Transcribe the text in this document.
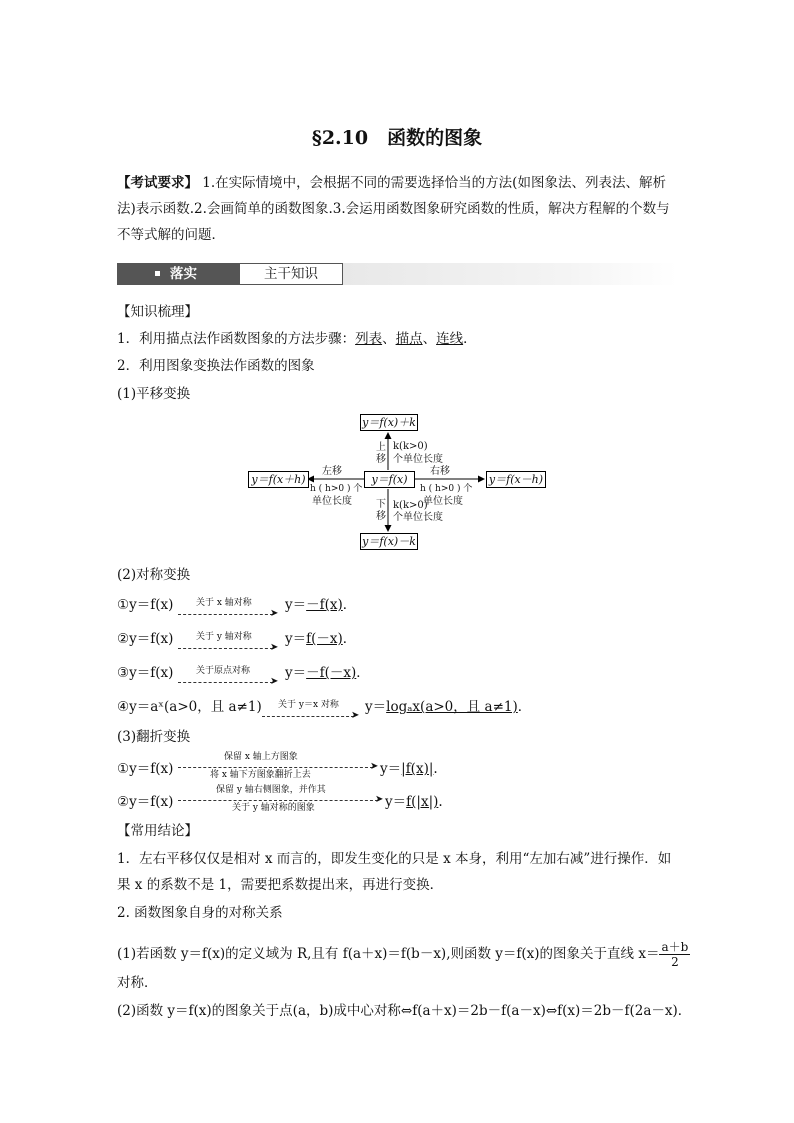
§2.10　函数的图象
【考试要求】 1.在实际情境中，会根据不同的需要选择恰当的方法(如图象法、列表法、解析法)表示函数.2.会画简单的函数图象.3.会运用函数图象研究函数的性质，解决方程解的个数与不等式解的问题．
落实	主干知识
【知识梳理】
1．利用描点法作函数图象的方法步骤：列表、描点、连线．
2．利用图象变换法作函数的图象
(1)平移变换
y＝f(x)＋k
y＝f(x)
y＝f(x＋h)	y＝f(x－h)
y＝f(x)－k
上
移
k(k>0)
个单位长度
下
移
k(k>0)
个单位长度
左移
h ( h>0 ) 个
单位长度
右移
h ( h>0 ) 个
单位长度
(2)对称变换
①y＝f(x)	关于 x 轴对称
➤
y＝－f(x)．
②y＝f(x)	关于 y 轴对称
➤
y＝f(－x)．
③y＝f(x)	关于原点对称
➤
y＝－f(－x)．
④y＝aˣ(a>0，且 a≠1) 关于 y＝x 对称
➤
y＝logₐx(a>0，且 a≠1)．
(3)翻折变换
①y＝f(x)
保留 x 轴上方图象
将 x 轴下方图象翻折上去
➤ y＝|f(x)|.
②y＝f(x)
保留 y 轴右侧图象，并作其
关于 y 轴对称的图象
➤ y＝f(|x|).
【常用结论】
1．左右平移仅仅是相对 x 而言的，即发生变化的只是 x 本身，利用“左加右减”进行操作．如果 x 的系数不是 1，需要把系数提出来，再进行变换．
2. 函数图象自身的对称关系
(1)若函数 y＝f(x)的定义域为 R,且有 f(a＋x)＝f(b－x),则函数 y＝f(x)的图象关于直线 $x= \frac{a+b}{2}$
对称．
(2)函数 y＝f(x)的图象关于点(a，b)成中心对称⇔f(a＋x)＝2b－f(a－x)⇔f(x)＝2b－f(2a－x)．
